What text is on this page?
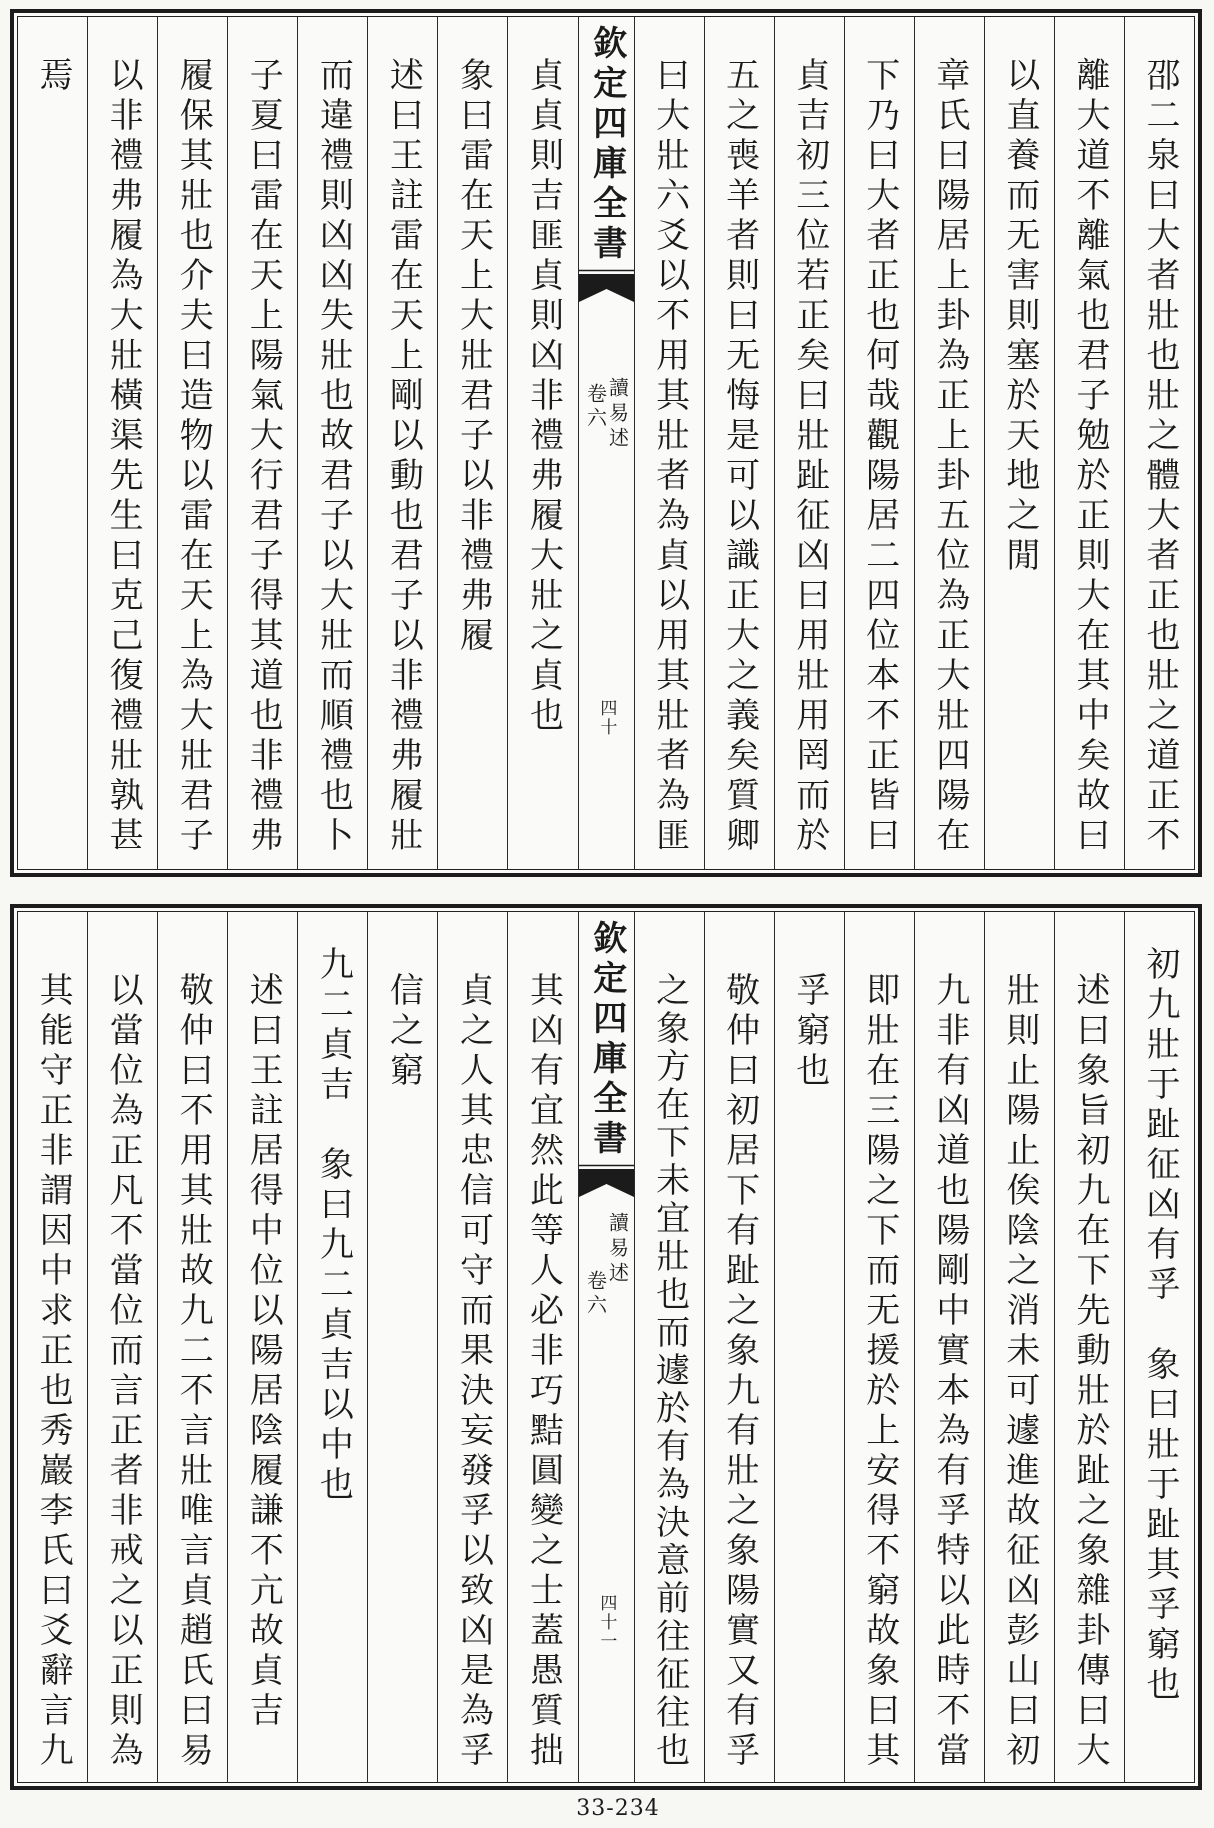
邵二泉曰大者壯也壯之體大者正也壯之道正不
離大道不離氣也君子勉於正則大在其中矣故曰
以直養而无害則塞於天地之閒
章氏曰陽居上卦為正上卦五位為正大壯四陽在
下乃曰大者正也何哉觀陽居二四位本不正皆曰
貞吉初三位若正矣曰壯趾征凶曰用壯用罔而於
五之喪羊者則曰无悔是可以識正大之義矣質卿
曰大壯六爻以不用其壯者為貞以用其壯者為匪
欽定四庫全書
讀易述
卷六
四十
貞貞則吉匪貞則凶非禮弗履大壯之貞也
象曰雷在天上大壯君子以非禮弗履
述曰王註雷在天上剛以動也君子以非禮弗履壯
而違禮則凶凶失壯也故君子以大壯而順禮也卜
子夏曰雷在天上陽氣大行君子得其道也非禮弗
履保其壯也介夫曰造物以雷在天上為大壯君子
以非禮弗履為大壯橫渠先生曰克己復禮壯孰甚
焉
初九壯于趾征凶有孚　象曰壯于趾其孚窮也
述曰象旨初九在下先動壯於趾之象雜卦傳曰大
壯則止陽止俟陰之消未可遽進故征凶彭山曰初
九非有凶道也陽剛中實本為有孚特以此時不當
即壯在三陽之下而无援於上安得不窮故象曰其
孚窮也
敬仲曰初居下有趾之象九有壯之象陽實又有孚
之象方在下未宜壯也而遽於有為決意前往征往也
欽定四庫全書
讀易述
卷六
四十一
其凶有宜然此等人必非巧黠圓變之士蓋愚質拙
貞之人其忠信可守而果決妄發孚以致凶是為孚
信之窮
九二貞吉　象曰九二貞吉以中也
述曰王註居得中位以陽居陰履謙不亢故貞吉
敬仲曰不用其壯故九二不言壯唯言貞趙氏曰易
以當位為正凡不當位而言正者非戒之以正則為
其能守正非謂因中求正也秀巖李氏曰爻辭言九
33-234
